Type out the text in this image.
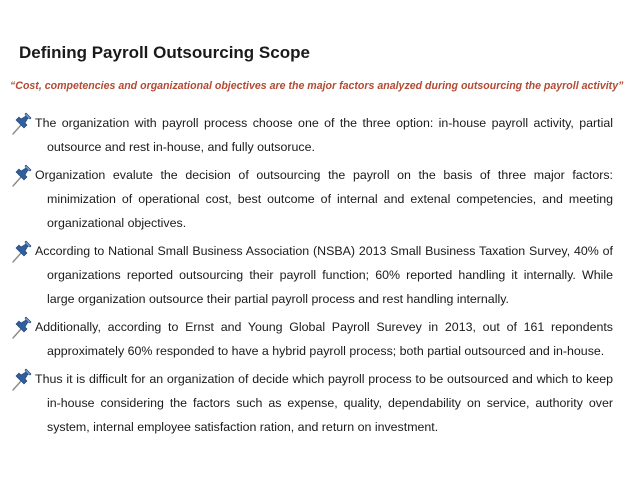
Defining Payroll Outsourcing Scope
“Cost, competencies and organizational objectives are the major factors analyzed during outsourcing the payroll activity”
The organization with payroll process choose one of the three option: in-house payroll activity, partial outsource and rest in-house, and fully outsoruce.
Organization evalute the decision of outsourcing the payroll on the basis of three major factors: minimization of operational cost, best outcome of internal and extenal competencies, and meeting organizational objectives.
According to National Small Business Association (NSBA) 2013 Small Business Taxation Survey, 40% of organizations reported outsourcing their payroll function; 60% reported handling it internally. While large organization outsource their partial payroll process and rest handling internally.
Additionally, according to Ernst and Young Global Payroll Surevey in 2013, out of 161 repondents approximately 60% responded to have a hybrid payroll process; both partial outsourced and in-house.
Thus it is difficult for an organization of decide which payroll process to be outsourced and which to keep in-house considering the factors such as expense, quality, dependability on service, authority over system, internal employee satisfaction ration, and return on investment.
